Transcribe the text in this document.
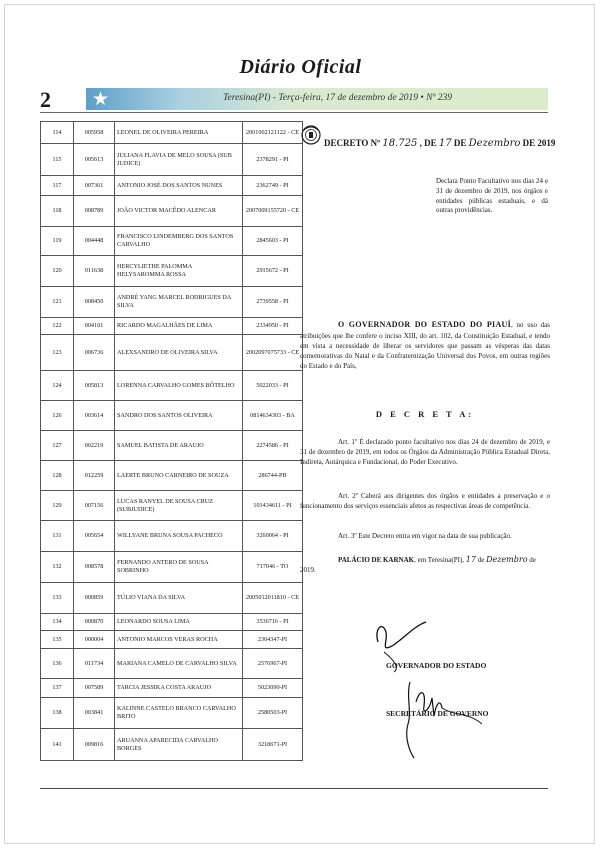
Diário Oficial
2 ★	Teresina(PI) - Terça-feira, 17 de dezembro de 2019 • Nº 239
114	005958	LEONEL DE OLIVEIRA PEREIRA	2001002121122 - CE
115	005613	JULIANA FLAVIA DE MELO SOUSA (SUB JUDICE)	2378291 - PI
117	007361	ANTONIO JOSÉ DOS SANTOS NUNES	2362749 - PI
118	008789	JOÃO VICTOR MACÊDO ALENCAR	2007009155720 - CE
119	004448	FRANCISCO LINDEMBERG DOS SANTOS CARVALHO	2845603 - PI
120	011638	HERCYLIETHE PALOMMA HELYSAROMMA ROSSA	2915672 - PI
121	008450	ANDRÉ YANG MARCEL RODRIGUES DA SILVA	2739558 - PI
122	004101	RICARDO MAGALHÃES DE LIMA	2334950 - PI
123	006736	ALEXSANDRO DE OLIVEIRA SILVA	2002097075733 - CE
124	005813	LORENNA CARVALHO GOMES BÔTELHO	5022033 - PI
126	003614	SANDRO DOS SANTOS OLIVEIRA	0814634303 - BA
127	002219	SAMUEL BATISTA DE ARAUJO	2274586 - PI
128	012259	LAERTE BRUNO CARNEIRO DE SOUZA	286744-PB
129	007156	LUCAS RANYEL DE SOUSA CRUZ (SUBJUDICE)	101434611 - PI
131	005654	WILLYANE BRUNA SOUSA PACHECO	3260064 - PI
132	008578	FERNANDO ANTERO DE SOUSA SOBRINHO	717046 - TO
133	000859	TÚLIO VIANA DA SILVA	2005012011810 - CE
134	000870	LEONARDO SOUSA LIMA	3536716 - PI
135	000004	ANTONIO MARCOS VERAS ROCHA	2304347-PI
136	011734	MARIANA CAMELO DE CARVALHO SILVA	2576967-PI
137	007589	TARCIA JESSIKA COSTA ARAUJO	5023090-PI
138	003841	KALINNE CASTELO BRANCO CARVALHO BRITO	2580503-PI
141	009816	ARUANNA APARECIDA CARVALHO BORGES	3218671-PI
DECRETO Nº 18.725 , DE 17 DE Dezembro DE 2019
Declara Ponto Facultativo nos dias 24 e 31 de dezembro de 2019, nos órgãos e entidades públicas estaduais, e dá outras providências.
O GOVERNADOR DO ESTADO DO PIAUÍ, no uso das atribuições que lhe confere o inciso XIII, do art. 102, da Constituição Estadual, e tendo em vista a necessidade de liberar os servidores que passam as vésperas das datas comemorativas do Natal e da Confraternização Universal dos Povos, em outras regiões do Estado e do País,
D E C R E T A:
Art. 1º É declarado ponto facultativo nos dias 24 de dezembro de 2019, e 31 de dezembro de 2019, em todos os Órgãos da Administração Pública Estadual Direta, Indireta, Autárquica e Fundacional, do Poder Executivo.
Art. 2º Caberá aos dirigentes dos órgãos e entidades a preservação e o funcionamento dos serviços essenciais afetos as respectivas áreas de competência.
Art. 3º Este Decreto entra em vigor na data de sua publicação.
PALÁCIO DE KARNAK, em Teresina(PI), 17 de Dezembro de 2019.
GOVERNADOR DO ESTADO
SECRETÁRIO DE GOVERNO
